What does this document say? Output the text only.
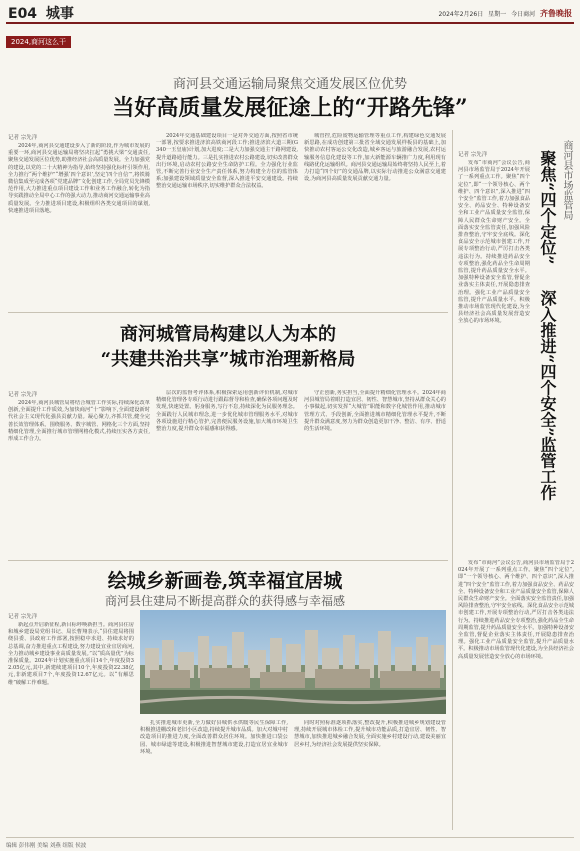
E04 城事	2024年2月26日 星期一 今日商河 齐鲁晚报
2024,商河这么干
商河县交通运输局聚焦交通发展区位优势
当好高质量发展征途上的“开路先锋”
记者 宗先洋

2024年,商河县交通建设步入了新的阶段,作为城市发展的重要一环,商河县交通运输局将坚决扛起“勇挑大梁”交通责任,聚焦交通发展区位优势,助推经济社会高质量发展。全力加强党的建设,以党的二十大精神为指导,始终坚持强化标杆引领作用,全力推行“两个维护”“增强‘四个意识’,坚定‘四个自信’”,将铁骑微信集成至完成各项“党建品牌”文化创建工作,全局党员先锋模范作用,大力推进重点项目建设工作和业务工作融合,转化为指导实践推动全局中心工作的强大动力,推动商河交通运输事业高质量发展。全力推进项目建设,积极组织各类交通项目的谋划,快速推进项目落地。

2024年交通基础建设项目一是对外交通方面,按照省市统一部署,按要求推进济滨高铁商河段工作;推进济滨大道三期(G340一玉皇庙)计划,加大进度;二是大力加强交通主干路网建设,提升道路通行能力。三是扎实推进农村公路建设,切实改善群众出行环境,启动农村公路安全生命防护工程。全力强化行业监管,不断完善行业安全生产责任体系,努力构建全方位的监管体系;加强建设领域质量安全监督,深入推进平安交通建设。持续整治交通运输市场秩序,切实维护群众合法权益。

城管控,危险废物运输管理等重点工作,构建绿色交通发展新思路,在成功创建第三批省全域交通发展样板县的基础上,加快推动农村客运公交化改造,城乡客运与旅游融合发展,农村运输服务信息化建设等工作,加大新能源车辆推广力度,利用现有线路优化运输组织。商河县交通运输局始终将坚持人民至上,着力打造“四个好”的交通品牌,以实际行动推进公众满意交通建设,为商河县高质量发展贡献交通力量。

商河城管局构建以人为本的
“共建共治共享”城市治理新格局
记者 宗先洋

2024年,商河县城管局将结合城管工作实际,持续深化改革创新,全面提升工作质效,为加快商河“十”影响下,全面建设新时代社会主义现代化强县贡献力量。凝心聚力,齐抓共管,健全完善长效管理体系。围绕服务、数字城管、网格化三个方面,坚持精细化管理,全面推行城市管理网格化模式,持续压实各方责任,形成工作合力。

层次的监督考评体系,积极探索运用创新评价机制,对城市精细化管理各专项行动进行跟踪督导和检查,确保各项问题及时发现,快速处置。躬身服务,写行不怠,持续深化为民服务理念。全面践行人民城市理念,进一步优化城市管理服务水平,对城市各项设施进行精心管护,完善便民服务设施,加大城市环境卫生整治力度,提升群众幸福感和获得感。

守正创新,务实担当,全面提升精细化管理水平。2024年商河县城管局着眼打造宜居、韧性、智慧城市,坚持从群众关心的小事做起,切实发挥“大城管”职能和数字化城管作用,推动城市管理方式、手段创新,全面推进城市精细化管理水平提升,不断提升群众满意度,努力为群众创造更加干净、整洁、有序、舒适的生活环境。

绘城乡新画卷,筑幸福宜居城
商河县住建局不断提高群众的获得感与幸福感
记者 宗先洋

新起点开启新征程,新目标呼唤新担当。商河县住房和城乡建设局党组书记、局长曹翔表示,“县住建局将围绕县委、县政府工作部署,按照稳中求进、持续求好的总基调,奋力推进重点工程建设,努力建设宜业宜居商河,全力推动城乡建设事业高质量发展。”以“质高量优”为标准保质量。2024年计划实施重点项目14个,年度投资32.05亿元,其中,新建续建项目10个,年度投资22.38亿元,非新建项目7个,年度投资12.67亿元。以“有解思维”破解工作难题。

扎实推进城市更新,全力做好县城供水供暖等民生保障工作,积极推进棚改和老旧小区改造,持续提升城市品质。加大对城中村改造项目的推进力度,全面改善群众居住环境。加快推进口袋公园、城市绿道等建设,积极推进智慧城市建设,打造宜居宜业城市环境。

同时对照标准逐项抓落实,整改提升,积极推进城乡规划建设管理,持续开展城市体检工作,提升城市功能品质,打造宜居、韧性、智慧城市,加快推进城乡融合发展,全面实施乡村建设行动,建设美丽宜居乡村,为经济社会发展提供坚实保障。

商河县市场监管局
聚焦“四个定位”
深入推进“四个安全”监管工作
记者 宗先洋

发布“市商河”会议公告,商河县市场监管局于2024年开展了一系列重点工作。聚焦“四个定位”,即“一个领导核心、两个维护、四个意识”,深入推进“四个安全”监管工作,着力加强食品安全、药品安全、特种设备安全和工业产品质量安全监管,保障人民群众生命财产安全。全面落实安全监管责任,加强风险排查整治,守牢安全底线。深化食品安全示范城市创建工作,开展专项整治行动,严厉打击各类违法行为。持续推进药品安全专项整治,强化药品全生命周期监管,提升药品质量安全水平。加强特种设备安全监管,督促企业落实主体责任,开展隐患排查治理。强化工业产品质量安全监管,提升产品质量水平。积极推动市场监管现代化建设,为全县经济社会高质量发展营造安全放心的市场环境。

发布“市商河”会议公告,商河县市场监管局于2024年开展了一系列重点工作。聚焦“四个定位”,即“一个领导核心、两个维护、四个意识”,深入推进“四个安全”监管工作,着力加强食品安全、药品安全、特种设备安全和工业产品质量安全监管,保障人民群众生命财产安全。全面落实安全监管责任,加强风险排查整治,守牢安全底线。深化食品安全示范城市创建工作,开展专项整治行动,严厉打击各类违法行为。持续推进药品安全专项整治,强化药品全生命周期监管,提升药品质量安全水平。加强特种设备安全监管,督促企业落实主体责任,开展隐患排查治理。强化工业产品质量安全监管,提升产品质量水平。积极推动市场监管现代化建设,为全县经济社会高质量发展营造安全放心的市场环境。

编辑 彭伟刚 美编 刘燕 组版 侯波
